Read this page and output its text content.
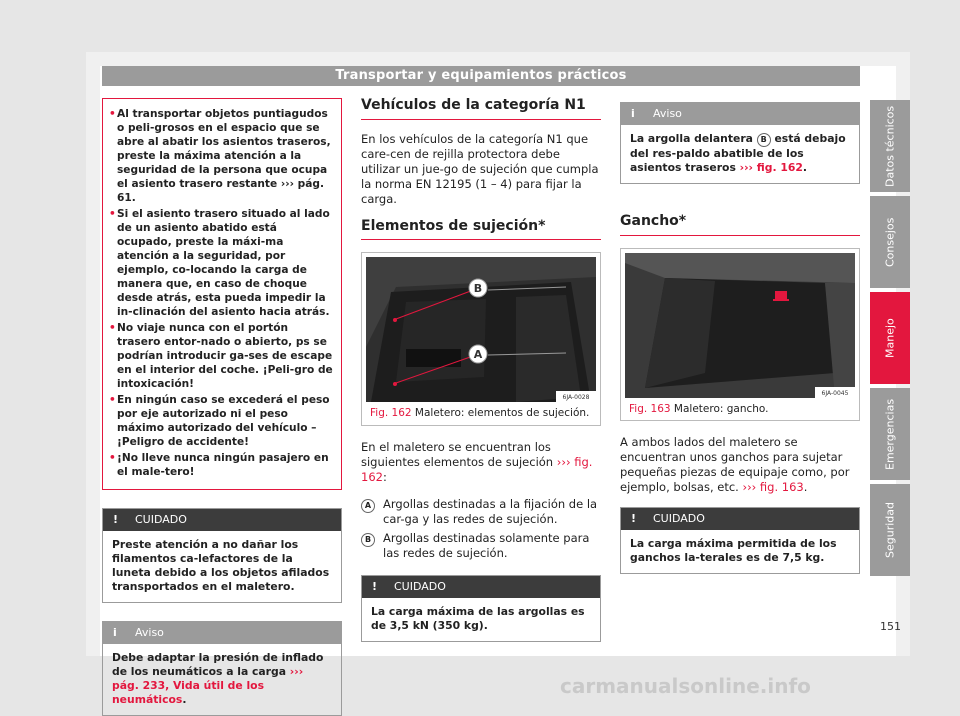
Transportar y equipamientos prácticos
• Al transportar objetos puntiagudos o peli-grosos en el espacio que se abre al abatir los asientos traseros, preste la máxima atención a la seguridad de la persona que ocupa el asiento trasero restante ››› pág. 61.
• Si el asiento trasero situado al lado de un asiento abatido está ocupado, preste la máxi-ma atención a la seguridad, por ejemplo, co-locando la carga de manera que, en caso de choque desde atrás, esta pueda impedir la in-clinación del asiento hacia atrás.
• No viaje nunca con el portón trasero entor-nado o abierto, ps se podrían introducir ga-ses de escape en el interior del coche. ¡Peli-gro de intoxicación!
• En ningún caso se excederá el peso por eje autorizado ni el peso máximo autorizado del vehículo – ¡Peligro de accidente!
• ¡No lleve nunca ningún pasajero en el male-tero!
! CUIDADO
Preste atención a no dañar los filamentos ca-lefactores de la luneta debido a los objetos afilados transportados en el maletero.
i Aviso
Debe adaptar la presión de inflado de los neumáticos a la carga ››› pág. 233, Vida útil de los neumáticos.
Vehículos de la categoría N1

En los vehículos de la categoría N1 que care-cen de rejilla protectora debe utilizar un jue-go de sujeción que cumpla la norma EN 12195 (1 – 4) para fijar la carga.

Elementos de sujeción*
B
A
6JA-0028
Fig. 162 Maletero: elementos de sujeción.

En el maletero se encuentran los siguientes elementos de sujeción ››› fig. 162:

A	Argollas destinadas a la fijación de la car-ga y las redes de sujeción.
B	Argollas destinadas solamente para las redes de sujeción.
! CUIDADO
La carga máxima de las argollas es de 3,5 kN (350 kg).
i Aviso
La argolla delantera B está debajo del res-paldo abatible de los asientos traseros ››› fig. 162.
Gancho*
6JA-0045
Fig. 163 Maletero: gancho.

A ambos lados del maletero se encuentran unos ganchos para sujetar pequeñas piezas de equipaje como, por ejemplo, bolsas, etc. ››› fig. 163.

! CUIDADO
La carga máxima permitida de los ganchos la-terales es de 7,5 kg.
Datos técnicos
Consejos
Manejo
Emergencias
Seguridad
151
carmanualsonline.info
